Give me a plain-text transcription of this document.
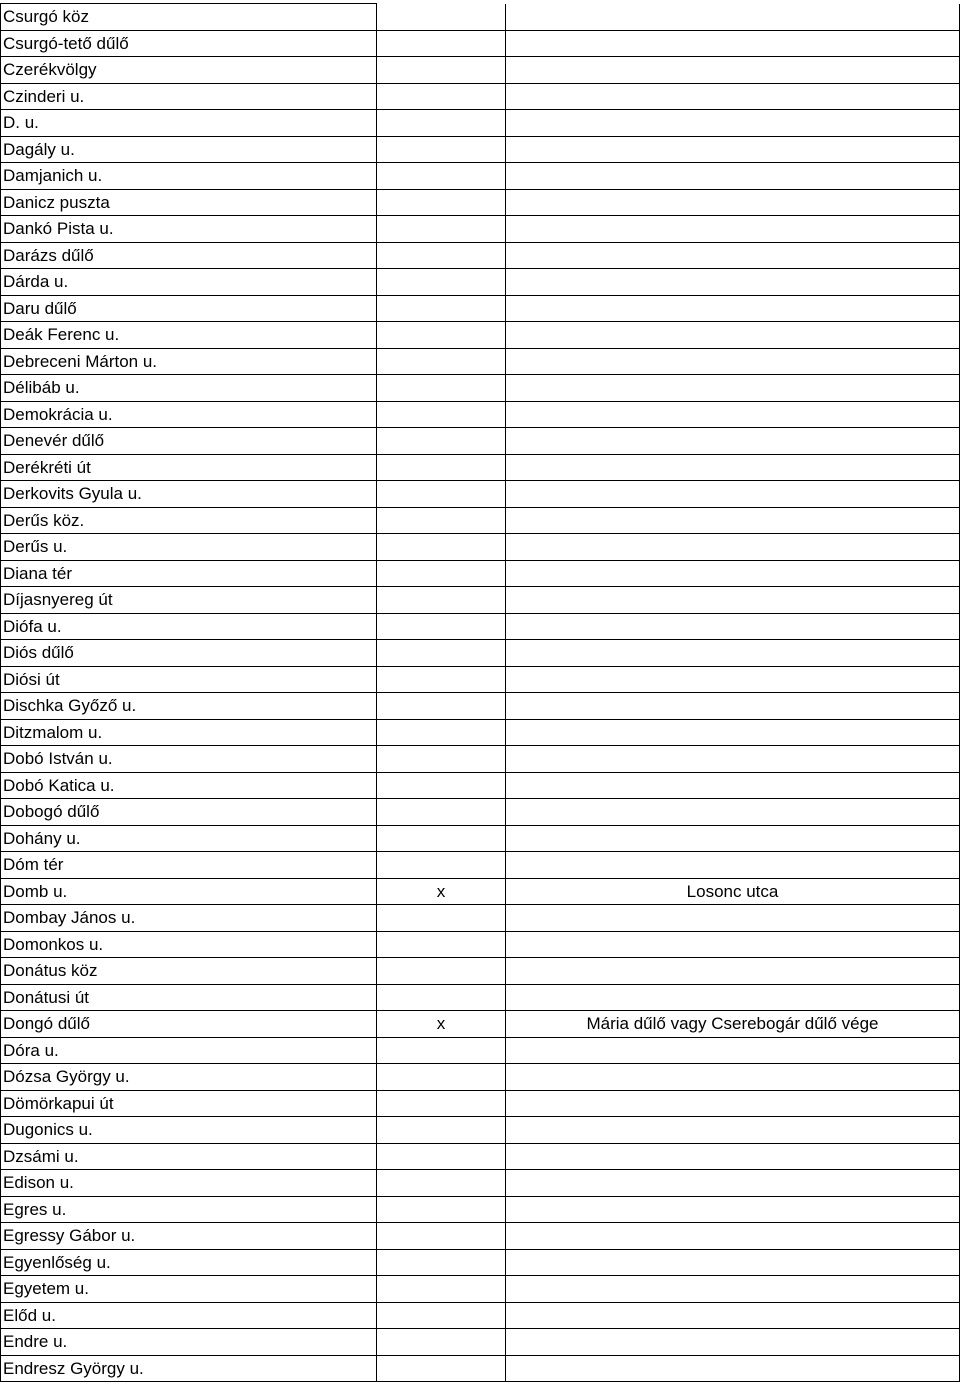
Csurgó köz		
Csurgó-tető dűlő		
Czerékvölgy		
Czinderi u.		
D. u.		
Dagály u.		
Damjanich u.		
Danicz puszta		
Dankó Pista u.		
Darázs dűlő		
Dárda u.		
Daru dűlő		
Deák Ferenc u.		
Debreceni Márton u.		
Délibáb u.		
Demokrácia u.		
Denevér dűlő		
Derékréti út		
Derkovits Gyula u.		
Derűs köz.		
Derűs u.		
Diana tér		
Díjasnyereg út		
Diófa u.		
Diós dűlő		
Diósi út		
Dischka Győző u.		
Ditzmalom u.		
Dobó István u.		
Dobó Katica u.		
Dobogó dűlő		
Dohány u.		
Dóm tér		
Domb u.	x	Losonc utca
Dombay János u.		
Domonkos u.		
Donátus köz		
Donátusi út		
Dongó dűlő	x	Mária dűlő vagy Cserebogár dűlő vége
Dóra u.		
Dózsa György u.		
Dömörkapui út		
Dugonics u.		
Dzsámi u.		
Edison u.		
Egres u.		
Egressy Gábor u.		
Egyenlőség u.		
Egyetem u.		
Előd u.		
Endre u.		
Endresz György u.		
